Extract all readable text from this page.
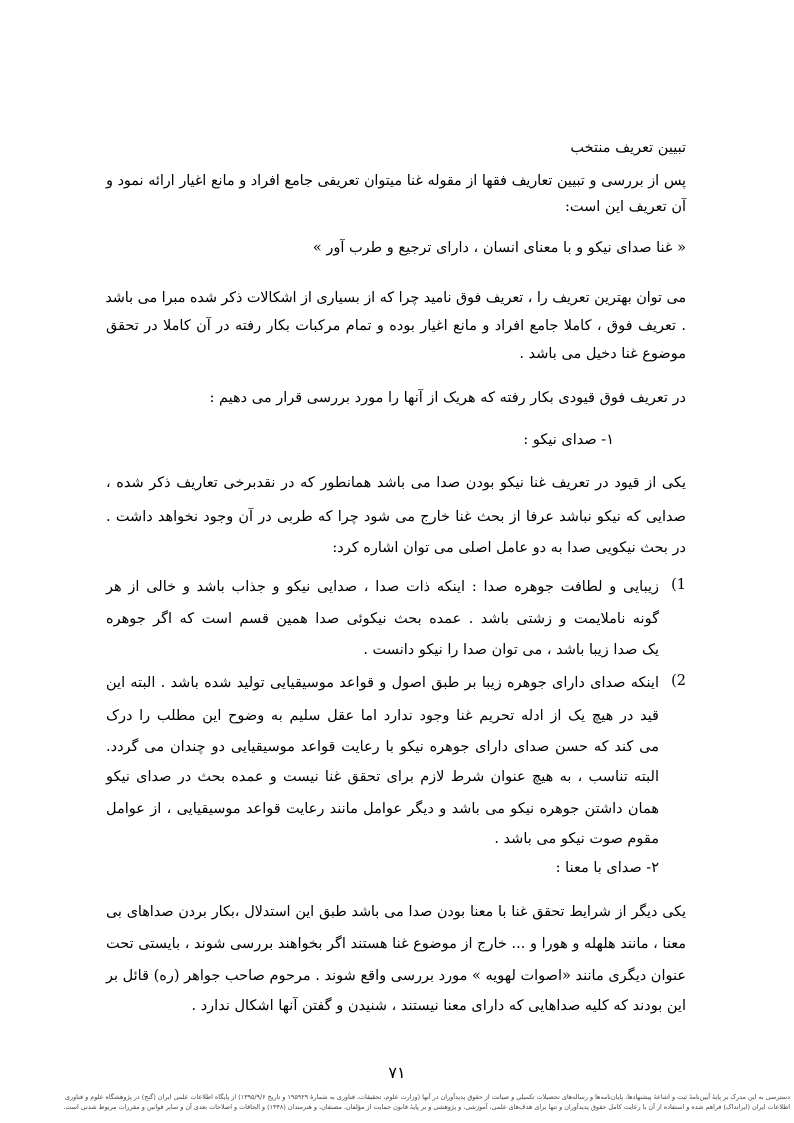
تبیین تعریف منتخب
پس از بررسی و تبیین تعاریف فقها از مقوله غنا میتوان تعریفی جامع افراد و مانع اغیار ارائه نمود و
آن تعریف این است:
« غنا صدای نیکو و با معنای انسان ، دارای ترجیع و طرب آور »
می توان بهترین تعریف را ، تعریف فوق نامید چرا که از بسیاری از اشکالات ذکر شده مبرا می باشد
. تعریف فوق ، کاملا جامع افراد و مانع اغیار بوده و تمام مرکبات بکار رفته در آن کاملا در تحقق
موضوع غنا دخیل می باشد .
در تعریف فوق قیودی بکار رفته که هریک از آنها را مورد بررسی قرار می دهیم :
۱- صدای نیکو :
یکی از قیود در تعریف غنا نیکو بودن صدا می باشد همانطور که در نقدبرخی تعاریف ذکر شده ،
صدایی که نیکو نباشد عرفا از بحث غنا خارج می شود چرا که طربی در آن وجود نخواهد داشت .
در بحث نیکویی صدا به دو عامل اصلی می توان اشاره کرد:
1)
زیبایی و لطافت جوهره صدا : اینکه ذات صدا ، صدایی نیکو و جذاب باشد و خالی از هر
گونه ناملایمت و زشتی باشد . عمده بحث نیکوئی صدا همین قسم است که اگر جوهره
یک صدا زیبا باشد ، می توان صدا را نیکو دانست .
2)
اینکه صدای دارای جوهره زیبا بر طبق اصول و قواعد موسیقیایی تولید شده باشد . البته این
قید در هیچ یک از ادله تحریم غنا وجود ندارد اما عقل سلیم به وضوح این مطلب را درک
می کند که حسن صدای دارای جوهره نیکو با رعایت قواعد موسیقیایی دو چندان می گردد.
البته تناسب ، به هیچ عنوان شرط لازم برای تحقق غنا نیست و عمده بحث در صدای نیکو
همان داشتن جوهره نیکو می باشد و دیگر عوامل مانند رعایت قواعد موسیقیایی ، از عوامل
مقوم صوت نیکو می باشد .
۲- صدای با معنا :
یکی دیگر از شرایط تحقق غنا با معنا بودن صدا می باشد طبق این استدلال ،بکار بردن صداهای بی
معنا ، مانند هلهله و هورا و ... خارج از موضوع غنا هستند اگر بخواهند بررسی شوند ، بایستی تحت
عنوان دیگری مانند «اصوات لهویه » مورد بررسی واقع شوند . مرحوم صاحب جواهر (ره) قائل بر
این بودند که کلیه صداهایی که دارای معنا نیستند ، شنیدن و گفتن آنها اشکال ندارد .
٧١
دسترسی به این مدرک بر پایهٔ آیین‌نامهٔ ثبت و اشاعهٔ پیشنهادها، پایان‌نامه‌ها و رساله‌های تحصیلات تکمیلی و صیانت از حقوق پدیدآوران در آنها (وزارت علوم، تحقیقات، فناوری به شمارهٔ ۱۹۵۹۲۹ و تاریخ ۱۳۹۵/۹/۶) از پایگاه اطلاعات علمی ایران (گنج) در پژوهشگاه علوم و فناوری
اطلاعات ایران (ایرانداک) فراهم شده و استفاده از آن با رعایت کامل حقوق پدیدآوران و تنها برای هدف‌های علمی، آموزشی، و پژوهشی و بر پایهٔ قانون حمایت از مؤلفان، مصنفان، و هنرمندان (۱۳۴۸) و الحاقات و اصلاحات بعدی آن و سایر قوانین و مقررات مربوط شدنی است.
